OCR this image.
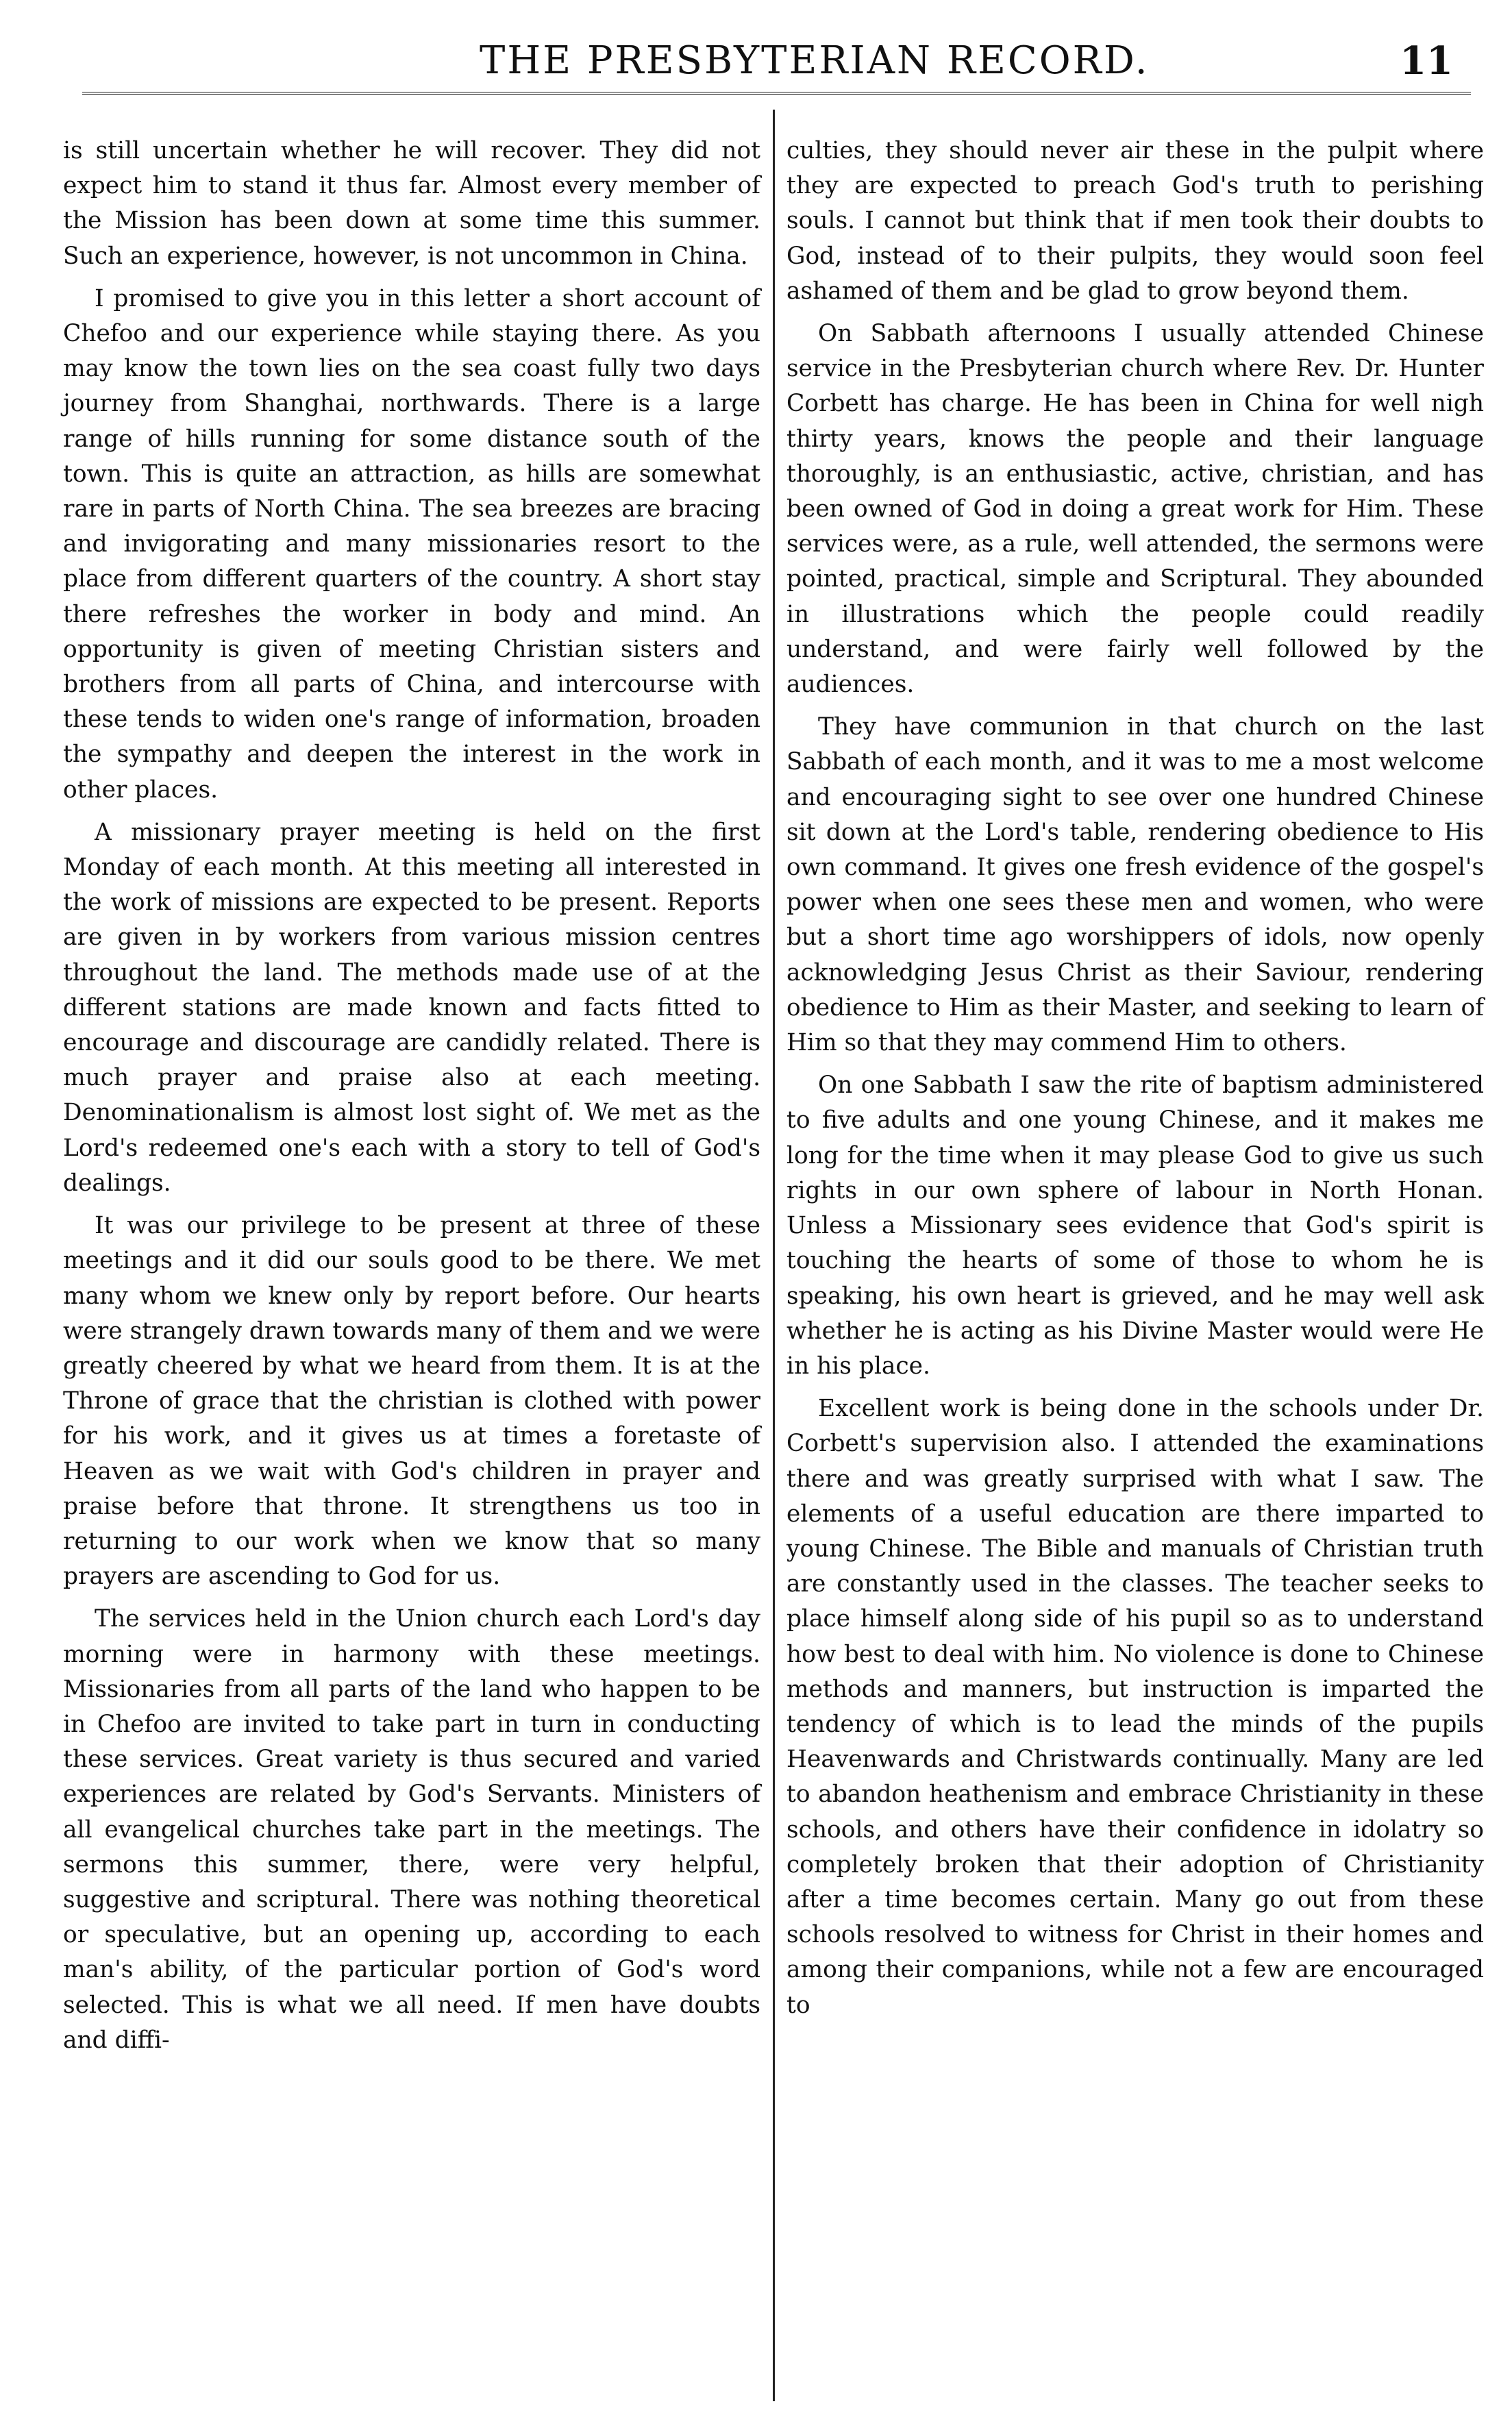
THE PRESBYTERIAN RECORD.	11

is still uncertain whether he will recover. They did not expect him to stand it thus far. Almost every member of the Mission has been down at some time this summer. Such an experience, however, is not uncommon in China.

I promised to give you in this letter a short account of Chefoo and our experience while staying there. As you may know the town lies on the sea coast fully two days journey from Shanghai, northwards. There is a large range of hills running for some distance south of the town. This is quite an attraction, as hills are somewhat rare in parts of North China. The sea breezes are bracing and invigorating and many missionaries resort to the place from different quarters of the country. A short stay there refreshes the worker in body and mind. An opportunity is given of meeting Christian sisters and brothers from all parts of China, and intercourse with these tends to widen one's range of information, broaden the sympathy and deepen the interest in the work in other places.

A missionary prayer meeting is held on the first Monday of each month. At this meeting all interested in the work of missions are expected to be present. Reports are given in by workers from various mission centres throughout the land. The methods made use of at the different stations are made known and facts fitted to encourage and discourage are candidly related. There is much prayer and praise also at each meeting. Denominationalism is almost lost sight of. We met as the Lord's redeemed one's each with a story to tell of God's dealings.

It was our privilege to be present at three of these meetings and it did our souls good to be there. We met many whom we knew only by report before. Our hearts were strangely drawn towards many of them and we were greatly cheered by what we heard from them. It is at the Throne of grace that the christian is clothed with power for his work, and it gives us at times a foretaste of Heaven as we wait with God's children in prayer and praise before that throne. It strengthens us too in returning to our work when we know that so many prayers are ascending to God for us.

The services held in the Union church each Lord's day morning were in harmony with these meetings. Missionaries from all parts of the land who happen to be in Chefoo are invited to take part in turn in conducting these services. Great variety is thus secured and varied experiences are related by God's Servants. Ministers of all evangelical churches take part in the meetings. The sermons this summer, there, were very helpful, suggestive and scriptural. There was nothing theoretical or speculative, but an opening up, according to each man's ability, of the particular portion of God's word selected. This is what we all need. If men have doubts and diffi-

culties, they should never air these in the pulpit where they are expected to preach God's truth to perishing souls. I cannot but think that if men took their doubts to God, instead of to their pulpits, they would soon feel ashamed of them and be glad to grow beyond them.

On Sabbath afternoons I usually attended Chinese service in the Presbyterian church where Rev. Dr. Hunter Corbett has charge. He has been in China for well nigh thirty years, knows the people and their language thoroughly, is an enthusiastic, active, christian, and has been owned of God in doing a great work for Him. These services were, as a rule, well attended, the sermons were pointed, practical, simple and Scriptural. They abounded in illustrations which the people could readily understand, and were fairly well followed by the audiences.

They have communion in that church on the last Sabbath of each month, and it was to me a most welcome and encouraging sight to see over one hundred Chinese sit down at the Lord's table, rendering obedience to His own command. It gives one fresh evidence of the gospel's power when one sees these men and women, who were but a short time ago worshippers of idols, now openly acknowledging Jesus Christ as their Saviour, rendering obedience to Him as their Master, and seeking to learn of Him so that they may commend Him to others.

On one Sabbath I saw the rite of baptism administered to five adults and one young Chinese, and it makes me long for the time when it may please God to give us such rights in our own sphere of labour in North Honan. Unless a Missionary sees evidence that God's spirit is touching the hearts of some of those to whom he is speaking, his own heart is grieved, and he may well ask whether he is acting as his Divine Master would were He in his place.

Excellent work is being done in the schools under Dr. Corbett's supervision also. I attended the examinations there and was greatly surprised with what I saw. The elements of a useful education are there imparted to young Chinese. The Bible and manuals of Christian truth are constantly used in the classes. The teacher seeks to place himself along side of his pupil so as to understand how best to deal with him. No violence is done to Chinese methods and manners, but instruction is imparted the tendency of which is to lead the minds of the pupils Heavenwards and Christwards continually. Many are led to abandon heathenism and embrace Christianity in these schools, and others have their confidence in idolatry so completely broken that their adoption of Christianity after a time becomes certain. Many go out from these schools resolved to witness for Christ in their homes and among their companions, while not a few are encouraged to
